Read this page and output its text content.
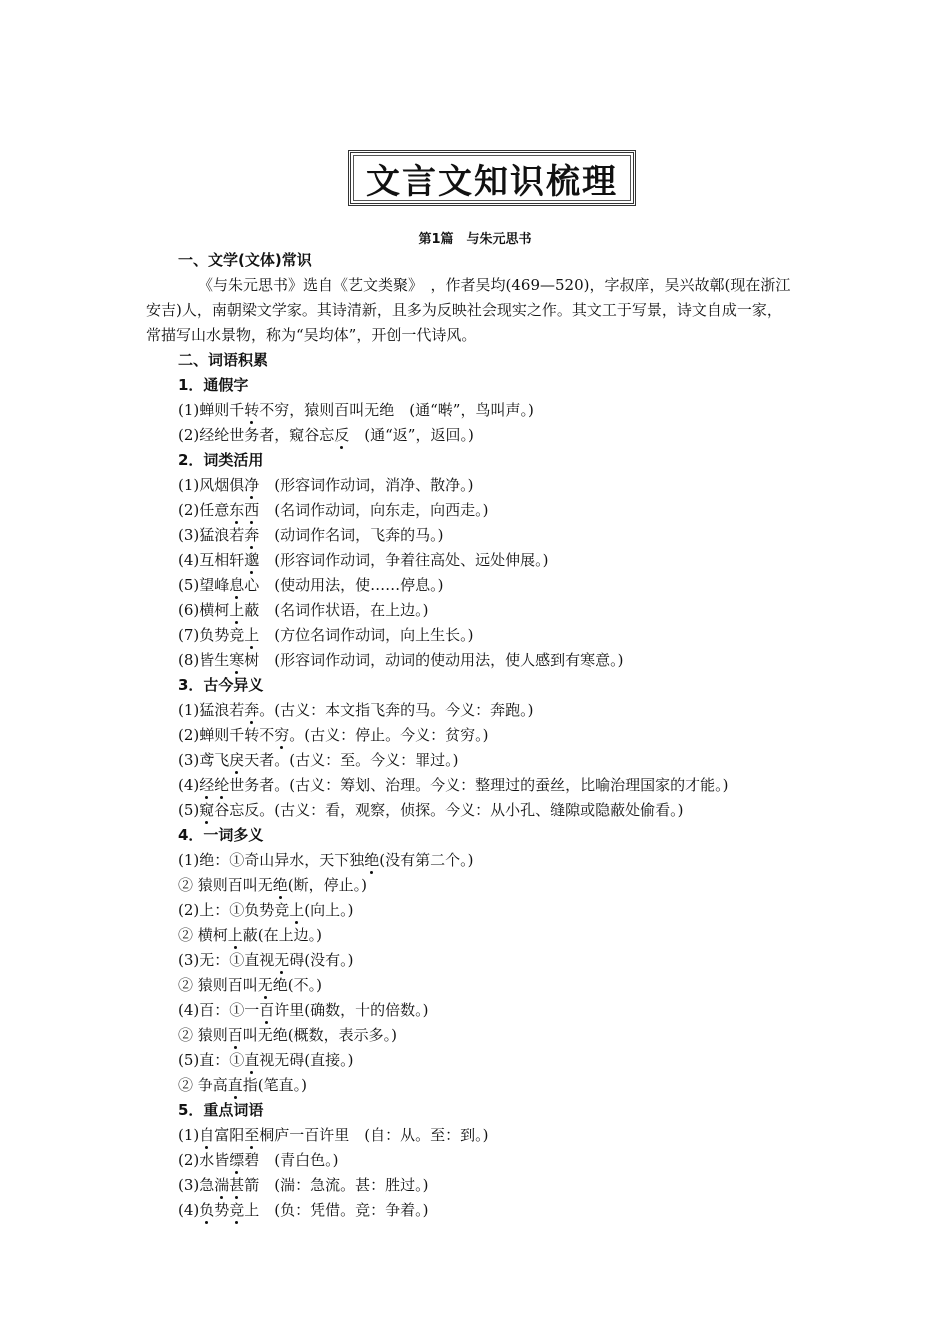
文言文知识梳理
第1篇　与朱元思书
一、文学(文体)常识
《与朱元思书》选自《艺文类聚》　，作者吴均(469—520)，字叔庠，吴兴故鄣(现在浙江
安吉)人，南朝梁文学家。其诗清新，且多为反映社会现实之作。其文工于写景，诗文自成一家，
常描写山水景物，称为“吴均体”，开创一代诗风。
二、词语积累
1．通假字
(1)蝉则千转不穷，猿则百叫无绝　(通“啭”，鸟叫声。)
(2)经纶世务者，窥谷忘反　(通“返”，返回。)
2．词类活用
(1)风烟俱净　(形容词作动词，消净、散净。)
(2)任意东西　(名词作动词，向东走，向西走。)
(3)猛浪若奔　(动词作名词，飞奔的马。)
(4)互相轩邈　(形容词作动词，争着往高处、远处伸展。)
(5)望峰息心　(使动用法，使……停息。)
(6)横柯上蔽　(名词作状语，在上边。)
(7)负势竞上　(方位名词作动词，向上生长。)
(8)皆生寒树　(形容词作动词，动词的使动用法，使人感到有寒意。)
3．古今异义
(1)猛浪若奔。(古义：本文指飞奔的马。今义：奔跑。)
(2)蝉则千转不穷。(古义：停止。今义：贫穷。)
(3)鸢飞戾天者。(古义：至。今义：罪过。)
(4)经纶世务者。(古义：筹划、治理。今义：整理过的蚕丝，比喻治理国家的才能。)
(5)窥谷忘反。(古义：看，观察，侦探。今义：从小孔、缝隙或隐蔽处偷看。)
4．一词多义
(1)绝：①奇山异水，天下独绝(没有第二个。)
② 猿则百叫无绝(断，停止。)
(2)上：①负势竞上(向上。)
② 横柯上蔽(在上边。)
(3)无：①直视无碍(没有。)
② 猿则百叫无绝(不。)
(4)百：①一百许里(确数，十的倍数。)
② 猿则百叫无绝(概数，表示多。)
(5)直：①直视无碍(直接。)
② 争高直指(笔直。)
5．重点词语
(1)自富阳至桐庐一百许里　(自：从。至：到。)
(2)水皆缥碧　(青白色。)
(3)急湍甚箭　(湍：急流。甚：胜过。)
(4)负势竞上　(负：凭借。竞：争着。)
